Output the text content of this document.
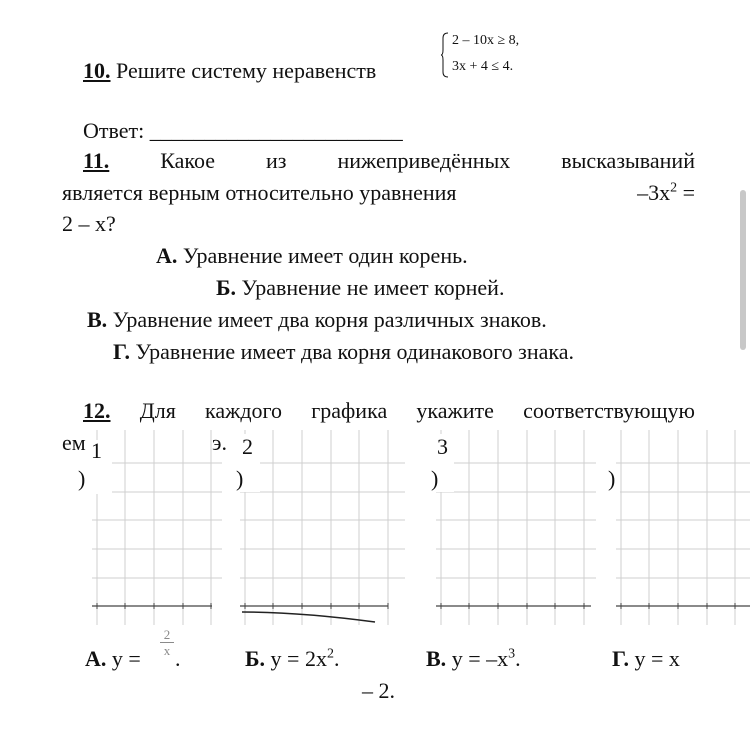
10. Решите систему неравенств
2 – 10x ≥ 8,
3x + 4 ≤ 4.
Ответ: _______________________
11. Какое из нижеприведённых высказываний
является верным относительно уравнения	$-3x^2$ =
2 – x?
А. Уравнение имеет один корень.
Б. Уравнение не имеет корней.
В. Уравнение имеет два корня различных знаков.
Г. Уравнение имеет два корня одинакового знака.
12. Для каждого графика укажите соответствующую
ем	э.
1
)
2
)
3
)	)
А. y =
2
x .	Б. $y = 2x^2$.	В. $y = -x^3$.	Г. y = x
– 2.
